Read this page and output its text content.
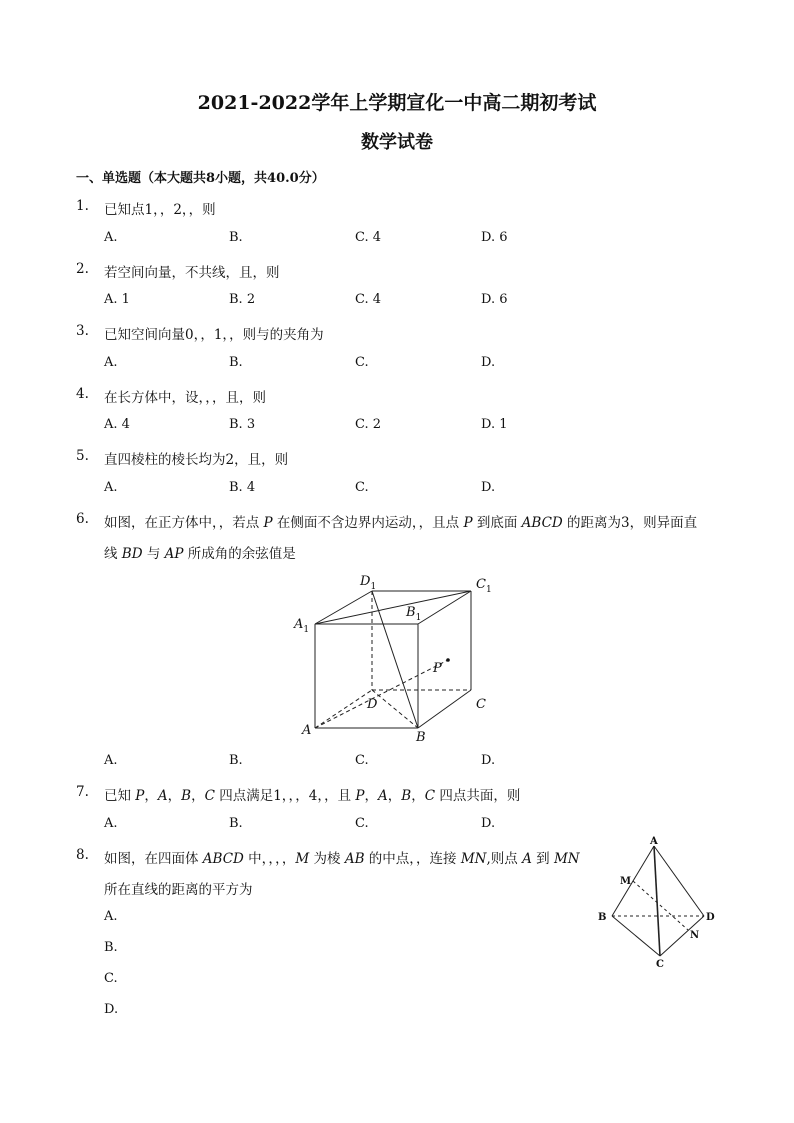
2021-2022学年上学期宣化一中高二期初考试
数学试卷
一、单选题（本大题共8小题，共40.0分）
1. 已知点1，，2，，则
A.	B.	C. 4	D. 6
2. 若空间向量，不共线，且，则
A. 1	B. 2	C. 4	D. 6
3. 已知空间向量0，，1，，则与的夹角为
A.	B.	C.	D.
4. 在长方体中，设，，，且，则
A. 4	B. 3	C. 2	D. 1
5. 直四棱柱的棱长均为2，且，则
A.	B. 4	C.	D.
6. 如图，在正方体中，，若点 P 在侧面不含边界内运动，，且点 P 到底面 ABCD 的距离为3，则异面直
线 BD 与 AP 所成角的余弦值是
A.	B.	C.	D.
$A_1$
$D_1$	$C_1$
$B_1$
P
D	C
A	B
7. 已知 P，A，B，C 四点满足1，，，4，，且 P，A，B，C 四点共面，则
A.	B.	C.	D.
8. 如图，在四面体 ABCD 中，，，，M 为棱 AB 的中点，，连接 MN,则点 A 到 MN
所在直线的距离的平方为
A.
B.
C.
D.
A
M
B	D
N
C
